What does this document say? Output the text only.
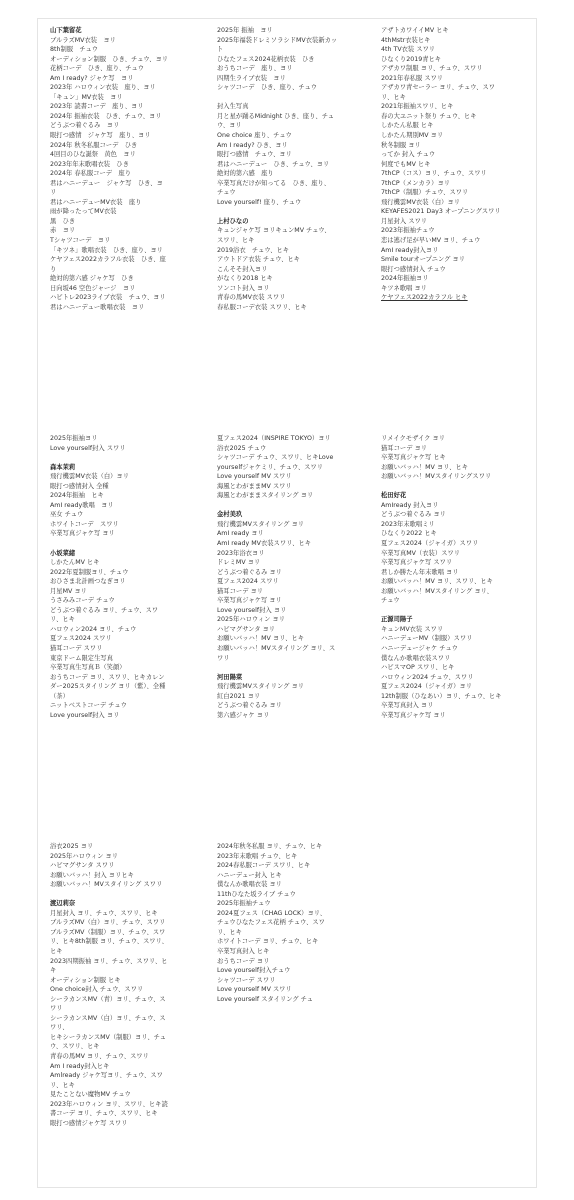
山下葉留花
ブルラズMV衣装　ヨリ
8th制服　チュウ
オーディション制服　ひき、チュウ、ヨリ
花柄コーデ　ひき、座り、チュウ
Am I ready? ジャケ写　ヨリ
2023年 ハロウィン衣装　座り、ヨリ
「キュン」MV衣装　ヨリ
2023年 読書コーデ　座り、ヨリ
2024年 振袖衣装　ひき、チュウ、ヨリ
どうぶつ着ぐるみ　ヨリ
眼打つ感情　ジャケ写　座り、ヨリ
2024年 秋冬私服コーデ　ひき
4回目のひな誕祭　黄色　ヨリ
2023年年末歌唱衣装　ひき
2024年 春私服コーデ　座り
君はハニーデュー　ジャケ写　ひき、ヨ
リ
君はハニーデューMV衣装　座り
雨が降ったってMV衣装
黒　ひき
赤　ヨリ
Tシャツコーデ　ヨリ
「キツネ」歌唱衣装　ひき、座り、ヨリ
ケヤフェス2022カラフル衣装　ひき、座
り
絶対的第六感 ジャケ写　ひき
日向坂46 空色ジャージ　ヨリ
ハピトレ2023ライブ衣装　チュウ、ヨリ
君はハニーデュー歌唱衣装　ヨリ
2025年 振袖　ヨリ
2025年福袋ドレミソラシドMV衣装新カッ
ト
ひなたフェス2024花柄衣装　ひき
おうちコーデ　座り、ヨリ
四期生ライブ衣装　ヨリ
シャツコーデ　ひき、座り、チュウ
封入生写真
月と星が踊るMidnight ひき、座り、チュ
ウ、ヨリ
One choice 座り、チュウ
Am I ready? ひき、ヨリ
眼打つ感情　チュウ、ヨリ
君はハニーデュー　ひき、チュウ、ヨリ
絶対的第六感　座り
卒業写真だけが知ってる　ひき、座り、
チュウ
Love yourself! 座り、チュウ
上村ひなの
キュンジャケ写 ヨリキュンMV チュウ、
スワリ、ヒキ
2019浴衣　チュウ、ヒキ
アウトドア衣装 チュウ、ヒキ
こんそそ封入ヨリ
がなくり2018 ヒキ
ソンコト封入 ヨリ
青春の馬MV衣装 スワリ
春私服コーデ衣装 スワリ、ヒキ
アザトカワイイMV ヒキ
4thMstr衣装ヒキ
4th TV衣装 スワリ
ひなくり2019青ヒキ
アザカワ制服 ヨリ、チュウ、スワリ
2021年春私服 スワリ
アザカワ青セーラー ヨリ、チュウ、スワ
リ、ヒキ
2021年振袖スワリ、ヒキ
春の大ユニット祭り チュウ、ヒキ
しかたん私服 ヒキ
しかたん期別MV ヨリ
秋冬制服 ヨリ
ってか 封入 チュウ
何度でもMV ヒキ
7thCP（コス）ヨリ、チュウ、スワリ
7thCP（メンカラ）ヨリ
7thCP（制服）チュウ、スワリ
飛行機雲MV衣装（白）ヨリ
KEYAFES2021 Day3 オープニングスワリ
月星封入 スワリ
2023年振袖チュウ
恋は逃げ足が早いMV ヨリ、チュウ
AmI ready封入ヨリ
Smile tourオープニング ヨリ
眼打つ感情封入 チュウ
2024年振袖ヨリ
キツネ歌唱 ヨリ
ケヤフェス2022カラフル ヒキ
2025年振袖ヨリ
Love yourself封入 スワリ
森本茉莉
飛行機雲MV衣装（白）ヨリ
眼打つ感情封入 全種
2024年振袖　ヒキ
AmI ready歌唱　ヨリ
巫女 チュウ
ホワイトコーデ　スワリ
卒業写真ジャケ写 ヨリ
小坂菜緒
しかたんMV ヒキ
2022年夏制服ヨリ、チュウ
おひさま北計画つなぎヨリ
月星MV ヨリ
うさみみコーデ チュウ
どうぶつ着ぐるみ ヨリ、チュウ、スワ
リ、ヒキ
ハロウィン2024 ヨリ、チュウ
夏フェス2024 スワリ
猫耳コーデ スワリ
東京ドーム限定生写真
卒業写真生写真Ｂ（笑顔）
おうちコーデ ヨリ、スワリ、ヒキカレン
ダー2025スタイリング ヨリ（紫）、全種
（茶）
ニットベストコーデ チュウ
Love yourself封入 ヨリ
夏フェス2024（INSPIRE TOKYO）ヨリ
浴衣2025 チュウ
シャツコーデ チュウ、スワリ、ヒキLove
yourselfジャケミリ、チュウ、スワリ
Love yourself MV スワリ
海風とわがままMV スワリ
海風とわがままスタイリング ヨリ
金村美玖
飛行機雲MVスタイリング ヨリ
AmI ready ヨリ
AmI ready MV衣装スワリ、ヒキ
2023年浴衣ヨリ
ドレミMV ヨリ
どうぶつ着ぐるみ ヨリ
夏フェス2024 スワリ
猫耳コーデ ヨリ
卒業写真ジャケ写 ヨリ
Love yourself封入 ヨリ
2025年ハロウィン ヨリ
ハピマグサンタ ヨリ
お願いバッハ！MV ヨリ、ヒキ
お願いバッハ！MVスタイリング ヨリ、ス
ワリ
河田陽菜
飛行機雲MVスタイリング ヨリ
紅白2021 ヨリ
どうぶつ着ぐるみ ヨリ
第六感ジャケ ヨリ
リメイクモザイク ヨリ
猫耳コーデ ヨリ
卒業写真ジャケ写 ヒキ
お願いバッハ！MV ヨリ、ヒキ
お願いバッハ！MVスタイリングスワリ
松田好花
AmIready 封入ヨリ
どうぶつ着ぐるみ ヨリ
2023年末歌唱ミリ
ひなくり2022 ヒキ
夏フェス2024（ジャイガ）スワリ
卒業写真MV（衣装）スワリ
卒業写真ジャケ写 スワリ
君しか勝たん年末歌唱 ヨリ
お願いバッハ！MV ヨリ、スワリ、ヒキ
お願いバッハ！MVスタイリング ヨリ、
チュウ
正源司陽子
キュンMV衣装 スワリ
ハニーデューMV（制服）スワリ
ハニーデュージャケ チュウ
僕なんか歌唱衣装スワリ
ハピスマOP スワリ、ヒキ
ハロウィン2024 チュウ、スワリ
夏フェス2024（ジャイガ）ヨリ
12th制服（ひなあい）ヨリ、チュウ、ヒキ
卒業写真封入 ヨリ
卒業写真ジャケ写 ヨリ
浴衣2025 ヨリ
2025年ハロウィン ヨリ
ハピマグサンタ スワリ
お願いバッハ！封入 ヨリヒキ
お願いバッハ！MVスタイリング スワリ
渡辺莉奈
月星封入 ヨリ、チュウ、スワリ、ヒキ
ブルラズMV（白）ヨリ、チュウ、スワリ
ブルラズMV（制服）ヨリ、チュウ、スワ
リ、ヒキ8th制服 ヨリ、チュウ、スワリ、
ヒキ
2023四期振袖 ヨリ、チュウ、スワリ、ヒ
キ
オーディション制服 ヒキ
One choice封入 チュウ、スワリ
シーラカンスMV（青）ヨリ、チュウ、ス
ワリ
シーラカンスMV（白）ヨリ、チュウ、ス
ワリ、
ヒキシーラカンスMV（制服）ヨリ、チュ
ウ、スワリ、ヒキ
青春の馬MV ヨリ、チュウ、スワリ
Am I ready封入ヒキ
Amlready ジャケ写ヨリ、チュウ、スワ
リ、ヒキ
見たことない魔物MV チュウ
2023年ハロウィン ヨリ、スワリ、ヒキ読
書コーデ ヨリ、チュウ、スワリ、ヒキ
眼打つ感情ジャケ写 スワリ
2024年秋冬私服 ヨリ、チュウ、ヒキ
2023年末歌唱 チュウ、ヒキ
2024春私服コーデ スワリ、ヒキ
ハニーデュー封入 ヒキ
僕なんか歌唱衣装 ヨリ
11thひなた坂ライブ チュウ
2025年振袖チュウ
2024夏フェス（CHAG LOCK）ヨリ、
チュウひなたフェス花柄 チュウ、スワ
リ、ヒキ
ホワイトコーデ ヨリ、チュウ、ヒキ
卒業写真封入 ヒキ
おうちコーデ ヨリ
Love yourself封入チュウ
シャツコーデ スワリ
Love yourself MV スワリ
Love yourself スタイリング チュ
